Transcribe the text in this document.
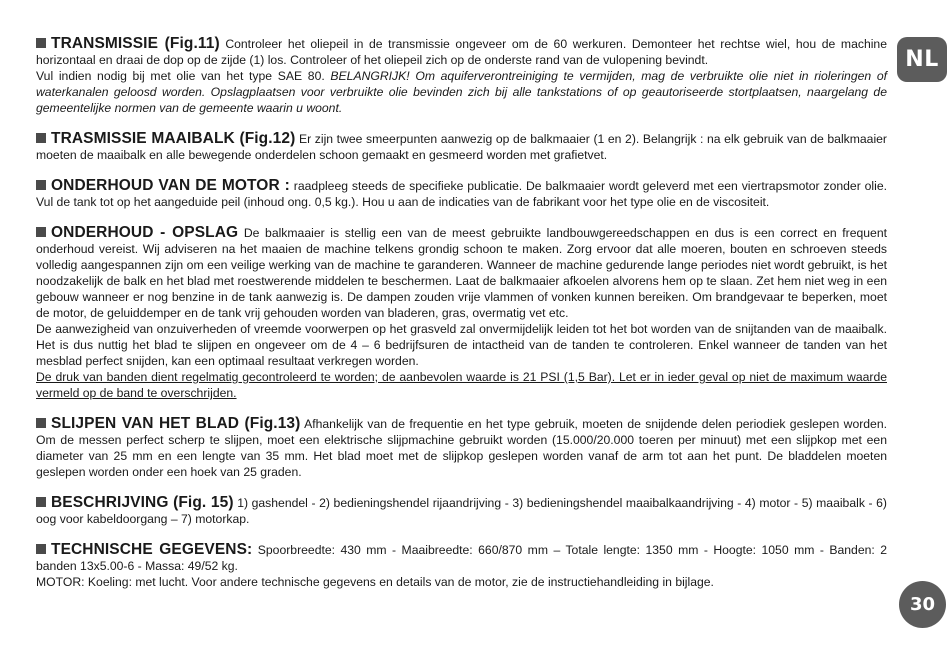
NL

TRANSMISSIE (Fig.11) Controleer het oliepeil in de transmissie ongeveer om de 60 werkuren. Demonteer het rechtse wiel, hou de machine horizontaal en draai de dop op de zijde (1) los. Controleer of het oliepeil zich op de onderste rand van de vulopening bevindt.

Vul indien nodig bij met olie van het type SAE 80. BELANGRIJK! Om aquiferverontreiniging te vermijden, mag de verbruikte olie niet in rioleringen of waterkanalen geloosd worden. Opslagplaatsen voor verbruikte olie bevinden zich bij alle tankstations of op geautoriseerde stortplaatsen, naargelang de gemeentelijke normen van de gemeente waarin u woont.

TRASMISSIE MAAIBALK (Fig.12) Er zijn twee smeerpunten aanwezig op de balkmaaier (1 en 2). Belangrijk : na elk gebruik van de balkmaaier moeten de maaibalk en alle bewegende onderdelen schoon gemaakt en gesmeerd worden met grafietvet.

ONDERHOUD VAN DE MOTOR : raadpleeg steeds de specifieke publicatie. De balkmaaier wordt geleverd met een viertrapsmotor zonder olie. Vul de tank tot op het aangeduide peil (inhoud ong. 0,5 kg.). Hou u aan de indicaties van de fabrikant voor het type olie en de viscositeit.

ONDERHOUD - OPSLAG De balkmaaier is stellig een van de meest gebruikte landbouwgereedschappen en dus is een correct en frequent onderhoud vereist. Wij adviseren na het maaien de machine telkens grondig schoon te maken. Zorg ervoor dat alle moeren, bouten en schroeven steeds volledig aangespannen zijn om een veilige werking van de machine te garanderen. Wanneer de machine gedurende lange periodes niet wordt gebruikt, is het noodzakelijk de balk en het blad met roestwerende middelen te beschermen. Laat de balkmaaier afkoelen alvorens hem op te slaan. Zet hem niet weg in een gebouw wanneer er nog benzine in de tank aanwezig is. De dampen zouden vrije vlammen of vonken kunnen bereiken. Om brandgevaar te beperken, moet de motor, de geluiddemper en de tank vrij gehouden worden van bladeren, gras, overmatig vet etc.

De aanwezigheid van onzuiverheden of vreemde voorwerpen op het grasveld zal onvermijdelijk leiden tot het bot worden van de snijtanden van de maaibalk. Het is dus nuttig het blad te slijpen en ongeveer om de 4 – 6 bedrijfsuren de intactheid van de tanden te controleren. Enkel wanneer de tanden van het mesblad perfect snijden, kan een optimaal resultaat verkregen worden.

De druk van banden dient regelmatig gecontroleerd te worden; de aanbevolen waarde is 21 PSI (1,5 Bar). Let er in ieder geval op niet de maximum waarde vermeld op de band te overschrijden.

SLIJPEN VAN HET BLAD (Fig.13) Afhankelijk van de frequentie en het type gebruik, moeten de snijdende delen periodiek geslepen worden. Om de messen perfect scherp te slijpen, moet een elektrische slijpmachine gebruikt worden (15.000/20.000 toeren per minuut) met een slijpkop met een diameter van 25 mm en een lengte van 35 mm. Het blad moet met de slijpkop geslepen worden vanaf de arm tot aan het punt. De bladdelen moeten geslepen worden onder een hoek van 25 graden.

BESCHRIJVING (Fig. 15) 1) gashendel - 2) bedieningshendel rijaandrijving - 3) bedieningshendel maaibalkaandrijving - 4) motor - 5) maaibalk - 6) oog voor kabeldoorgang – 7) motorkap.

TECHNISCHE GEGEVENS: Spoorbreedte: 430 mm - Maaibreedte: 660/870 mm – Totale lengte: 1350 mm - Hoogte: 1050 mm - Banden: 2 banden 13x5.00-6 - Massa: 49/52 kg.

MOTOR: Koeling: met lucht. Voor andere technische gegevens en details van de motor, zie de instructiehandleiding in bijlage.

30
